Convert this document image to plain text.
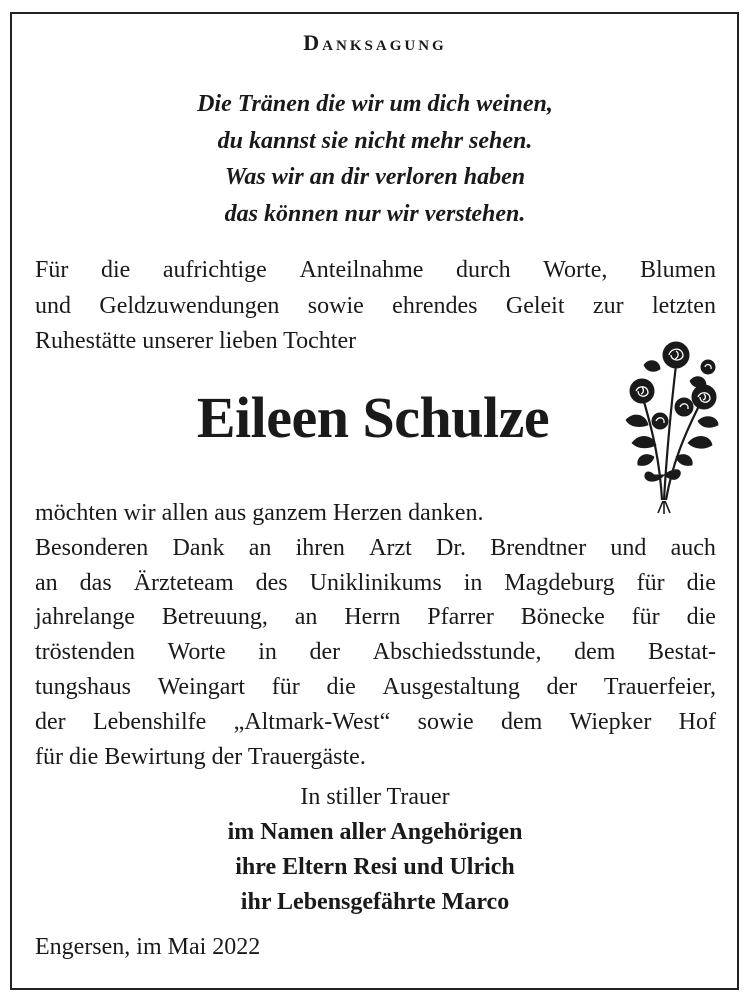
Danksagung
Die Tränen die wir um dich weinen,
du kannst sie nicht mehr sehen.
Was wir an dir verloren haben
das können nur wir verstehen.
Für die aufrichtige Anteilnahme durch Worte, Blumen
und Geldzuwendungen sowie ehrendes Geleit zur letzten
Ruhestätte unserer lieben Tochter
Eileen Schulze
möchten wir allen aus ganzem Herzen danken.
Besonderen Dank an ihren Arzt Dr. Brendtner und auch
an das Ärzteteam des Uniklinikums in Magdeburg für die
jahrelange Betreuung, an Herrn Pfarrer Bönecke für die
tröstenden Worte in der Abschiedsstunde, dem Bestat-
tungshaus Weingart für die Ausgestaltung der Trauerfeier,
der Lebenshilfe „Altmark-West“ sowie dem Wiepker Hof
für die Bewirtung der Trauergäste.
In stiller Trauer
im Namen aller Angehörigen
ihre Eltern Resi und Ulrich
ihr Lebensgefährte Marco
Engersen, im Mai 2022
